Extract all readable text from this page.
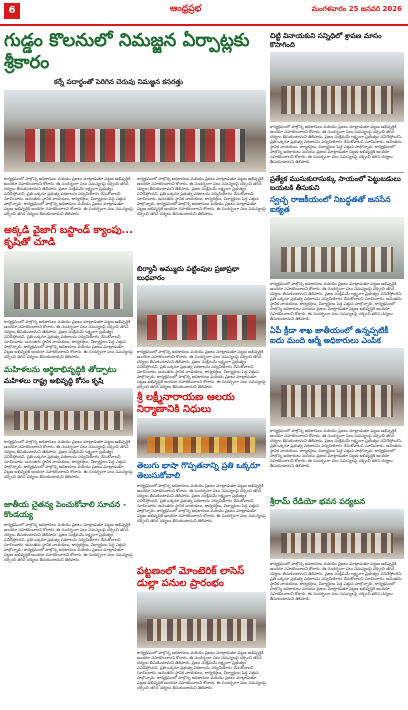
6	ఆంధ్రప్రభ	మంగళవారం 25 జనవరి 2026
గుడ్డం కొలనులో నిమజ్జన ఏర్పాట్లకు శ్రీకారం
కర్నే పదార్థంతో పెరిగిన చెరువు నిమజ్జన కసరత్తు
కార్యక్రమంలో పాల్గొన్న అధికారులు మరియు ప్రజలు మాట్లాడుతూ పట్టణ అభివృద్ధికి అందరూ సహకరించాలని కోరారు. ఈ సందర్భంగా పలు సమస్యలపై చర్చించి తగిన చర్యలు తీసుకుంటామని తెలిపారు. ప్రజల సంక్షేమమే లక్ష్యంగా ప్రభుత్వం పనిచేస్తోందని, ప్రతి ఒక్కరూ ప్రభుత్వ పథకాలను సద్వినియోగం చేసుకోవాలని సూచించారు. అనంతరం స్థానిక నాయకులు, కార్యకర్తలు, విద్యార్థులు పెద్ద ఎత్తున పాల్గొన్నారు. కార్యక్రమంలో పాల్గొన్న అధికారులు మరియు ప్రజలు మాట్లాడుతూ పట్టణ అభివృద్ధికి అందరూ సహకరించాలని కోరారు. ఈ సందర్భంగా పలు సమస్యలపై చర్చించి తగిన చర్యలు తీసుకుంటామని తెలిపారు.
అక్కడి వైజాగ్ బస్టాండ్ క్యాంపు... కృషితో చూడి
కార్యక్రమంలో పాల్గొన్న అధికారులు మరియు ప్రజలు మాట్లాడుతూ పట్టణ అభివృద్ధికి అందరూ సహకరించాలని కోరారు. ఈ సందర్భంగా పలు సమస్యలపై చర్చించి తగిన చర్యలు తీసుకుంటామని తెలిపారు. ప్రజల సంక్షేమమే లక్ష్యంగా ప్రభుత్వం పనిచేస్తోందని, ప్రతి ఒక్కరూ ప్రభుత్వ పథకాలను సద్వినియోగం చేసుకోవాలని సూచించారు. అనంతరం స్థానిక నాయకులు, కార్యకర్తలు, విద్యార్థులు పెద్ద ఎత్తున పాల్గొన్నారు. కార్యక్రమంలో పాల్గొన్న అధికారులు మరియు ప్రజలు మాట్లాడుతూ పట్టణ అభివృద్ధికి అందరూ సహకరించాలని కోరారు. ఈ సందర్భంగా పలు సమస్యలపై చర్చించి తగిన చర్యలు తీసుకుంటామని తెలిపారు.
మహిళలను ఆర్థికాభివృద్ధికి తోడ్పాటు
మహిళలు రాష్ట్ర అభివృద్ధి కోసం కృషి
కార్యక్రమంలో పాల్గొన్న అధికారులు మరియు ప్రజలు మాట్లాడుతూ పట్టణ అభివృద్ధికి అందరూ సహకరించాలని కోరారు. ఈ సందర్భంగా పలు సమస్యలపై చర్చించి తగిన చర్యలు తీసుకుంటామని తెలిపారు. ప్రజల సంక్షేమమే లక్ష్యంగా ప్రభుత్వం పనిచేస్తోందని, ప్రతి ఒక్కరూ ప్రభుత్వ పథకాలను సద్వినియోగం చేసుకోవాలని సూచించారు. అనంతరం స్థానిక నాయకులు, కార్యకర్తలు, విద్యార్థులు పెద్ద ఎత్తున పాల్గొన్నారు. కార్యక్రమంలో పాల్గొన్న అధికారులు మరియు ప్రజలు మాట్లాడుతూ పట్టణ అభివృద్ధికి అందరూ సహకరించాలని కోరారు. ఈ సందర్భంగా పలు సమస్యలపై చర్చించి తగిన చర్యలు తీసుకుంటామని తెలిపారు.
జాతీయ చైతన్య పెంచుకోవాలి సూచన - కొండయ్య
కార్యక్రమంలో పాల్గొన్న అధికారులు మరియు ప్రజలు మాట్లాడుతూ పట్టణ అభివృద్ధికి అందరూ సహకరించాలని కోరారు. ఈ సందర్భంగా పలు సమస్యలపై చర్చించి తగిన చర్యలు తీసుకుంటామని తెలిపారు. ప్రజల సంక్షేమమే లక్ష్యంగా ప్రభుత్వం పనిచేస్తోందని, ప్రతి ఒక్కరూ ప్రభుత్వ పథకాలను సద్వినియోగం చేసుకోవాలని సూచించారు. అనంతరం స్థానిక నాయకులు, కార్యకర్తలు, విద్యార్థులు పెద్ద ఎత్తున పాల్గొన్నారు. కార్యక్రమంలో పాల్గొన్న అధికారులు మరియు ప్రజలు మాట్లాడుతూ పట్టణ అభివృద్ధికి అందరూ సహకరించాలని కోరారు. ఈ సందర్భంగా పలు సమస్యలపై చర్చించి తగిన చర్యలు తీసుకుంటామని తెలిపారు.
కార్యక్రమంలో పాల్గొన్న అధికారులు మరియు ప్రజలు మాట్లాడుతూ పట్టణ అభివృద్ధికి అందరూ సహకరించాలని కోరారు. ఈ సందర్భంగా పలు సమస్యలపై చర్చించి తగిన చర్యలు తీసుకుంటామని తెలిపారు. ప్రజల సంక్షేమమే లక్ష్యంగా ప్రభుత్వం పనిచేస్తోందని, ప్రతి ఒక్కరూ ప్రభుత్వ పథకాలను సద్వినియోగం చేసుకోవాలని సూచించారు. అనంతరం స్థానిక నాయకులు, కార్యకర్తలు, విద్యార్థులు పెద్ద ఎత్తున పాల్గొన్నారు. కార్యక్రమంలో పాల్గొన్న అధికారులు మరియు ప్రజలు మాట్లాడుతూ పట్టణ అభివృద్ధికి అందరూ సహకరించాలని కోరారు. ఈ సందర్భంగా పలు సమస్యలపై చర్చించి తగిన చర్యలు తీసుకుంటామని తెలిపారు.
బిర్యానీ అమ్ముదు పట్టింపుల ప్రజాప్రభా బుధవారం
కార్యక్రమంలో పాల్గొన్న అధికారులు మరియు ప్రజలు మాట్లాడుతూ పట్టణ అభివృద్ధికి అందరూ సహకరించాలని కోరారు. ఈ సందర్భంగా పలు సమస్యలపై చర్చించి తగిన చర్యలు తీసుకుంటామని తెలిపారు. ప్రజల సంక్షేమమే లక్ష్యంగా ప్రభుత్వం పనిచేస్తోందని, ప్రతి ఒక్కరూ ప్రభుత్వ పథకాలను సద్వినియోగం చేసుకోవాలని సూచించారు. అనంతరం స్థానిక నాయకులు, కార్యకర్తలు, విద్యార్థులు పెద్ద ఎత్తున పాల్గొన్నారు. కార్యక్రమంలో పాల్గొన్న అధికారులు మరియు ప్రజలు మాట్లాడుతూ పట్టణ అభివృద్ధికి అందరూ సహకరించాలని కోరారు. ఈ సందర్భంగా పలు సమస్యలపై చర్చించి తగిన చర్యలు తీసుకుంటామని తెలిపారు.
శ్రీ లక్ష్మీనారాయణ ఆలయ నిర్మాణానికి నిధులు
తెలుగు భాషా గొప్పతనాన్ని ప్రతి ఒక్కరూ తెలుసుకోవాలి
కార్యక్రమంలో పాల్గొన్న అధికారులు మరియు ప్రజలు మాట్లాడుతూ పట్టణ అభివృద్ధికి అందరూ సహకరించాలని కోరారు. ఈ సందర్భంగా పలు సమస్యలపై చర్చించి తగిన చర్యలు తీసుకుంటామని తెలిపారు. ప్రజల సంక్షేమమే లక్ష్యంగా ప్రభుత్వం పనిచేస్తోందని, ప్రతి ఒక్కరూ ప్రభుత్వ పథకాలను సద్వినియోగం చేసుకోవాలని సూచించారు. అనంతరం స్థానిక నాయకులు, కార్యకర్తలు, విద్యార్థులు పెద్ద ఎత్తున పాల్గొన్నారు. కార్యక్రమంలో పాల్గొన్న అధికారులు మరియు ప్రజలు మాట్లాడుతూ పట్టణ అభివృద్ధికి అందరూ సహకరించాలని కోరారు. ఈ సందర్భంగా పలు సమస్యలపై చర్చించి తగిన చర్యలు తీసుకుంటామని తెలిపారు.
పట్టణంలో మోంటెరిక్ లాసెస్ డుల్లా పనుల ప్రారంభం
కార్యక్రమంలో పాల్గొన్న అధికారులు మరియు ప్రజలు మాట్లాడుతూ పట్టణ అభివృద్ధికి అందరూ సహకరించాలని కోరారు. ఈ సందర్భంగా పలు సమస్యలపై చర్చించి తగిన చర్యలు తీసుకుంటామని తెలిపారు. ప్రజల సంక్షేమమే లక్ష్యంగా ప్రభుత్వం పనిచేస్తోందని, ప్రతి ఒక్కరూ ప్రభుత్వ పథకాలను సద్వినియోగం చేసుకోవాలని సూచించారు. అనంతరం స్థానిక నాయకులు, కార్యకర్తలు, విద్యార్థులు పెద్ద ఎత్తున పాల్గొన్నారు. కార్యక్రమంలో పాల్గొన్న అధికారులు మరియు ప్రజలు మాట్లాడుతూ పట్టణ అభివృద్ధికి అందరూ సహకరించాలని కోరారు. ఈ సందర్భంగా పలు సమస్యలపై చర్చించి తగిన చర్యలు తీసుకుంటామని తెలిపారు.
చిట్టి వినాయకుని సన్నిధిలో శ్రావణ మాసం కొసాగింది
కార్యక్రమంలో పాల్గొన్న అధికారులు మరియు ప్రజలు మాట్లాడుతూ పట్టణ అభివృద్ధికి అందరూ సహకరించాలని కోరారు. ఈ సందర్భంగా పలు సమస్యలపై చర్చించి తగిన చర్యలు తీసుకుంటామని తెలిపారు. ప్రజల సంక్షేమమే లక్ష్యంగా ప్రభుత్వం పనిచేస్తోందని, ప్రతి ఒక్కరూ ప్రభుత్వ పథకాలను సద్వినియోగం చేసుకోవాలని సూచించారు. అనంతరం స్థానిక నాయకులు, కార్యకర్తలు, విద్యార్థులు పెద్ద ఎత్తున పాల్గొన్నారు. కార్యక్రమంలో పాల్గొన్న అధికారులు మరియు ప్రజలు మాట్లాడుతూ పట్టణ అభివృద్ధికి అందరూ సహకరించాలని కోరారు. ఈ సందర్భంగా పలు సమస్యలపై చర్చించి తగిన చర్యలు తీసుకుంటామని తెలిపారు.
ప్రత్యేక ముసుకురాసుక్కు సాయంలో పెట్టుబడులు బయటకి తీసుకుని
స్వచ్ఛ రాజకీయంలో నిబద్ధతతో జనసేన ఐక్యత
కార్యక్రమంలో పాల్గొన్న అధికారులు మరియు ప్రజలు మాట్లాడుతూ పట్టణ అభివృద్ధికి అందరూ సహకరించాలని కోరారు. ఈ సందర్భంగా పలు సమస్యలపై చర్చించి తగిన చర్యలు తీసుకుంటామని తెలిపారు. ప్రజల సంక్షేమమే లక్ష్యంగా ప్రభుత్వం పనిచేస్తోందని, ప్రతి ఒక్కరూ ప్రభుత్వ పథకాలను సద్వినియోగం చేసుకోవాలని సూచించారు. అనంతరం స్థానిక నాయకులు, కార్యకర్తలు, విద్యార్థులు పెద్ద ఎత్తున పాల్గొన్నారు. కార్యక్రమంలో పాల్గొన్న అధికారులు మరియు ప్రజలు మాట్లాడుతూ పట్టణ అభివృద్ధికి అందరూ సహకరించాలని కోరారు. ఈ సందర్భంగా పలు సమస్యలపై చర్చించి తగిన చర్యలు తీసుకుంటామని తెలిపారు.
ఏపీ క్రీడా శాఖ జాతీయంలో ఉన్నప్పటికీ ఐదు మంది ఆర్మీ అధికారులు ఎంపిక
కార్యక్రమంలో పాల్గొన్న అధికారులు మరియు ప్రజలు మాట్లాడుతూ పట్టణ అభివృద్ధికి అందరూ సహకరించాలని కోరారు. ఈ సందర్భంగా పలు సమస్యలపై చర్చించి తగిన చర్యలు తీసుకుంటామని తెలిపారు. ప్రజల సంక్షేమమే లక్ష్యంగా ప్రభుత్వం పనిచేస్తోందని, ప్రతి ఒక్కరూ ప్రభుత్వ పథకాలను సద్వినియోగం చేసుకోవాలని సూచించారు. అనంతరం స్థానిక నాయకులు, కార్యకర్తలు, విద్యార్థులు పెద్ద ఎత్తున పాల్గొన్నారు. కార్యక్రమంలో పాల్గొన్న అధికారులు మరియు ప్రజలు మాట్లాడుతూ పట్టణ అభివృద్ధికి అందరూ సహకరించాలని కోరారు. ఈ సందర్భంగా పలు సమస్యలపై చర్చించి తగిన చర్యలు తీసుకుంటామని తెలిపారు.
శ్రీరామ్ రేడియో భవన పర్యటన
కార్యక్రమంలో పాల్గొన్న అధికారులు మరియు ప్రజలు మాట్లాడుతూ పట్టణ అభివృద్ధికి అందరూ సహకరించాలని కోరారు. ఈ సందర్భంగా పలు సమస్యలపై చర్చించి తగిన చర్యలు తీసుకుంటామని తెలిపారు. ప్రజల సంక్షేమమే లక్ష్యంగా ప్రభుత్వం పనిచేస్తోందని, ప్రతి ఒక్కరూ ప్రభుత్వ పథకాలను సద్వినియోగం చేసుకోవాలని సూచించారు. అనంతరం స్థానిక నాయకులు, కార్యకర్తలు, విద్యార్థులు పెద్ద ఎత్తున పాల్గొన్నారు. కార్యక్రమంలో పాల్గొన్న అధికారులు మరియు ప్రజలు మాట్లాడుతూ పట్టణ అభివృద్ధికి అందరూ సహకరించాలని కోరారు. ఈ సందర్భంగా పలు సమస్యలపై చర్చించి తగిన చర్యలు తీసుకుంటామని తెలిపారు.
